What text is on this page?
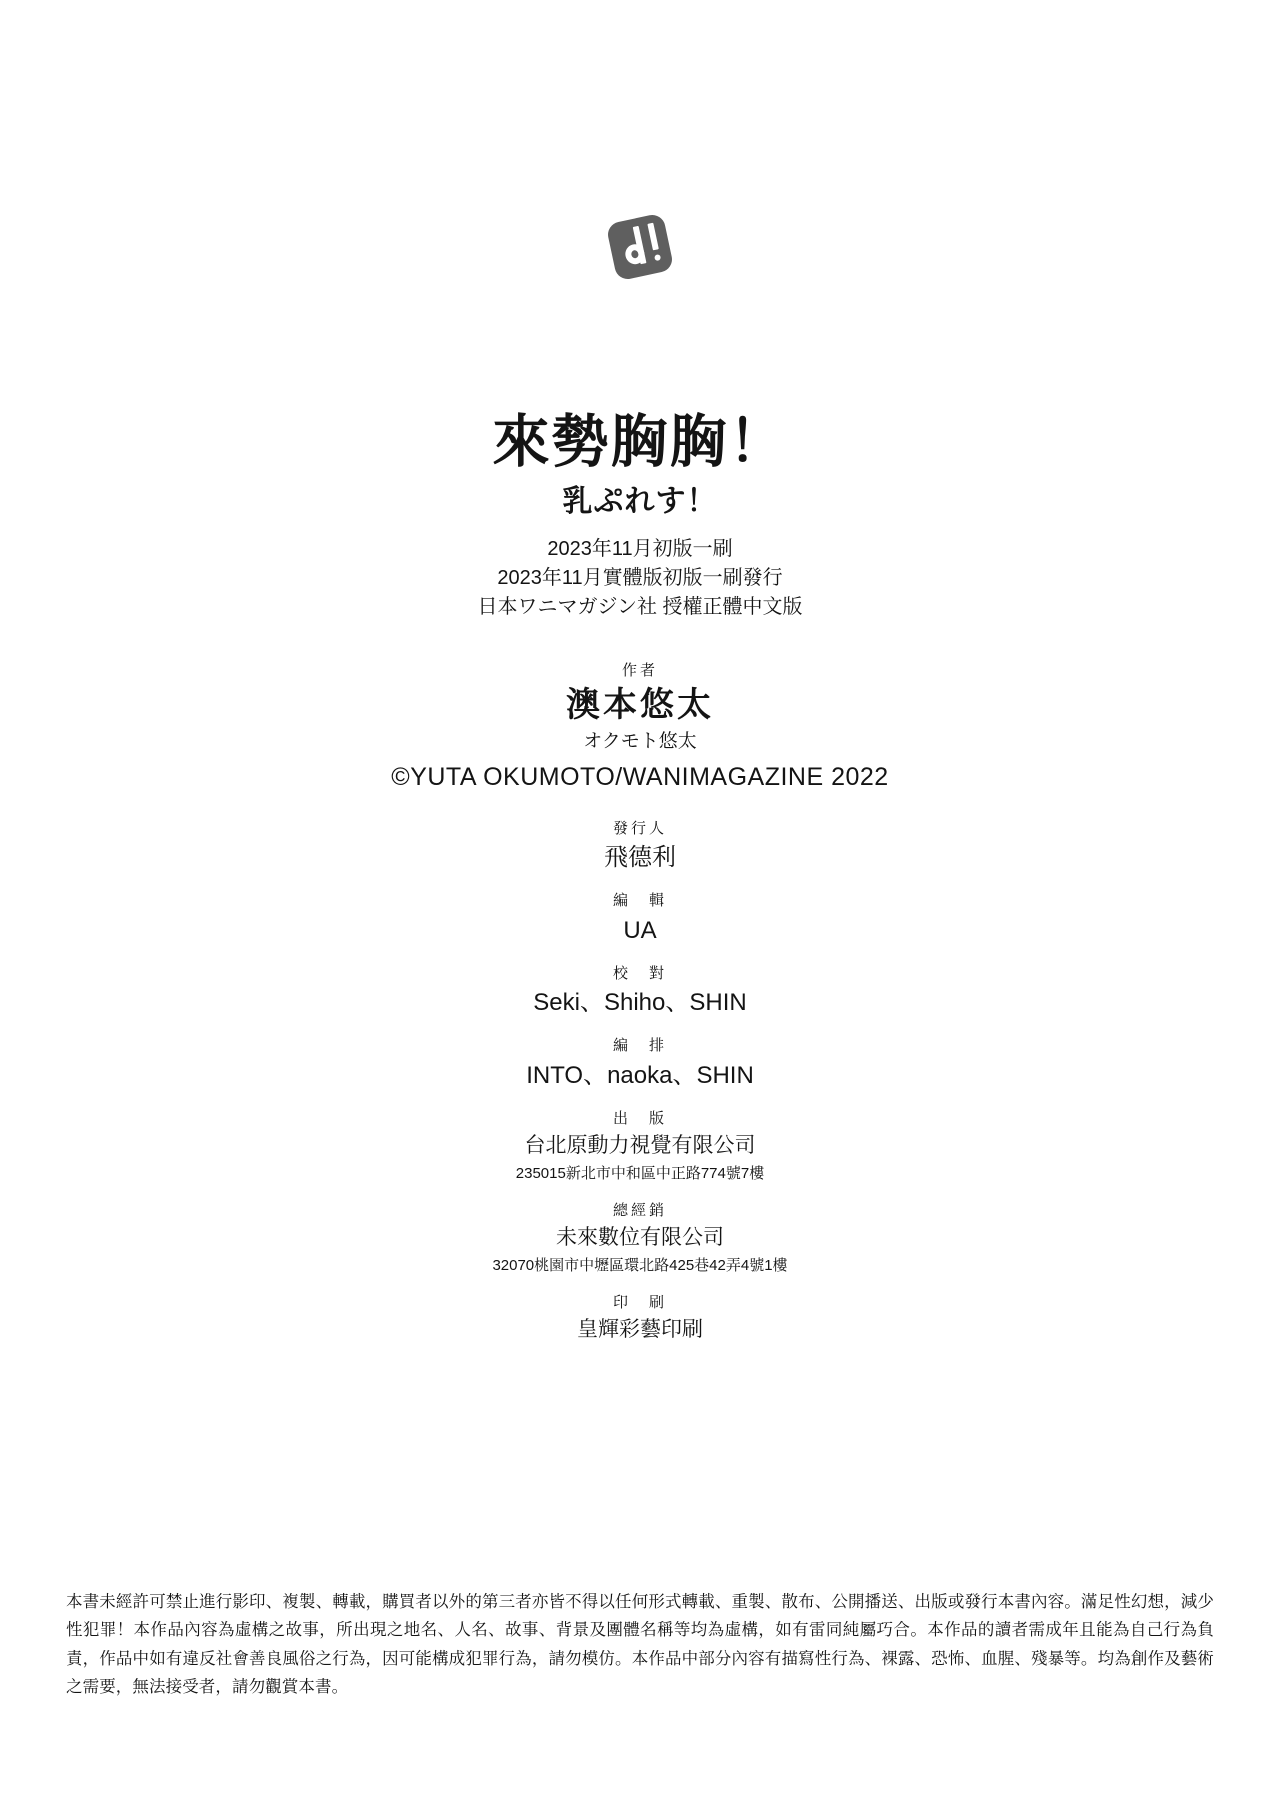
來勢胸胸！
乳ぷれす！
2023年11月初版一刷
2023年11月實體版初版一刷發行
日本ワニマガジン社 授權正體中文版
作者
澳本悠太
オクモト悠太
©YUTA OKUMOTO/WANIMAGAZINE 2022
發行人
飛德利
編　輯
UA
校　對
Seki、Shiho、SHIN
編　排
INTO、naoka、SHIN
出　版
台北原動力視覺有限公司
235015新北市中和區中正路774號7樓
總經銷
未來數位有限公司
32070桃園市中壢區環北路425巷42弄4號1樓
印　刷
皇輝彩藝印刷

本書未經許可禁止進行影印、複製、轉載，購買者以外的第三者亦皆不得以任何形式轉載、重製、散布、公開播送、出版或發行本書內容。滿足性幻想，減少性犯罪！本作品內容為虛構之故事，所出現之地名、人名、故事、背景及團體名稱等均為虛構，如有雷同純屬巧合。本作品的讀者需成年且能為自己行為負責，作品中如有違反社會善良風俗之行為，因可能構成犯罪行為，請勿模仿。本作品中部分內容有描寫性行為、裸露、恐怖、血腥、殘暴等。均為創作及藝術之需要，無法接受者，請勿觀賞本書。
